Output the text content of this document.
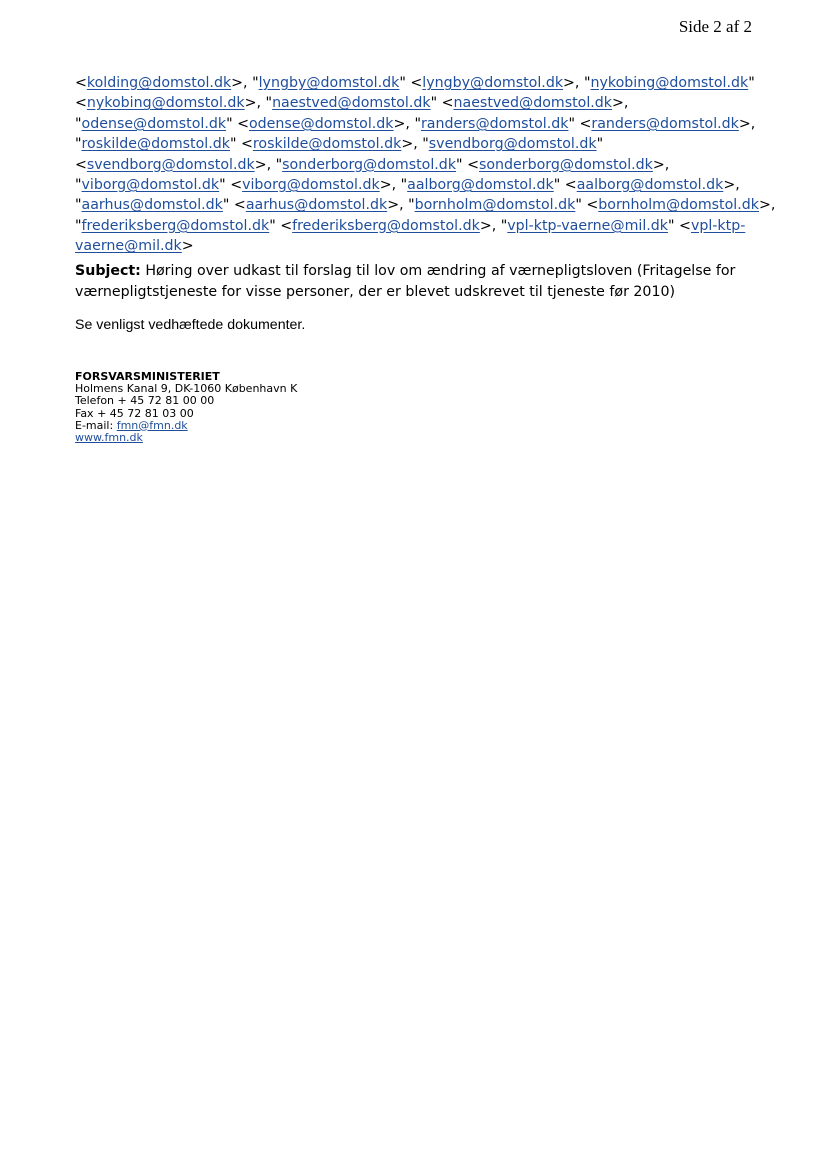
Side 2 af 2
<kolding@domstol.dk>, "lyngby@domstol.dk" <lyngby@domstol.dk>, "nykobing@domstol.dk"
<nykobing@domstol.dk>, "naestved@domstol.dk" <naestved@domstol.dk>,
"odense@domstol.dk" <odense@domstol.dk>, "randers@domstol.dk" <randers@domstol.dk>,
"roskilde@domstol.dk" <roskilde@domstol.dk>, "svendborg@domstol.dk"
<svendborg@domstol.dk>, "sonderborg@domstol.dk" <sonderborg@domstol.dk>,
"viborg@domstol.dk" <viborg@domstol.dk>, "aalborg@domstol.dk" <aalborg@domstol.dk>,
"aarhus@domstol.dk" <aarhus@domstol.dk>, "bornholm@domstol.dk" <bornholm@domstol.dk>,
"frederiksberg@domstol.dk" <frederiksberg@domstol.dk>, "vpl-ktp-vaerne@mil.dk" <vpl-ktp-
vaerne@mil.dk>
Subject: Høring over udkast til forslag til lov om ændring af værnepligtsloven (Fritagelse for
værnepligtstjeneste for visse personer, der er blevet udskrevet til tjeneste før 2010)
Se venligst vedhæftede dokumenter.
FORSVARSMINISTERIET
Holmens Kanal 9, DK-1060 København K
Telefon + 45 72 81 00 00
Fax + 45 72 81 03 00
E-mail: fmn@fmn.dk
www.fmn.dk
